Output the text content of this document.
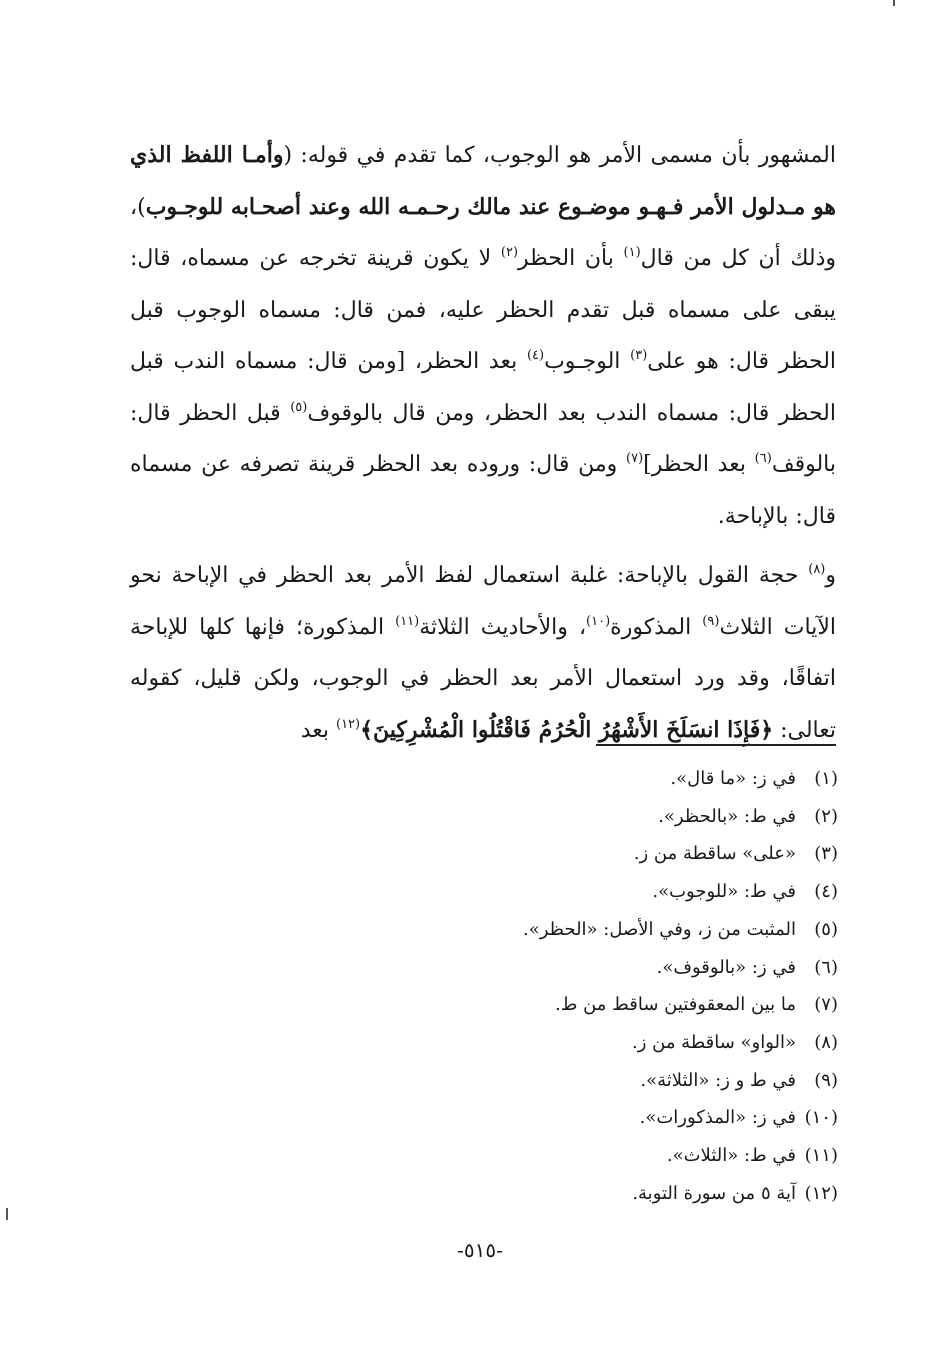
المشهور بأن مسمى الأمر هو الوجوب، كما تقدم في قوله: (وأمـا اللفظ الذي هو مـدلول الأمر فـهـو موضـوع عند مالك رحـمـه الله وعند أصحـابه للوجـوب)، وذلك أن كل من قال$^{(١)}$ بأن الحظر$^{(٢)}$ لا يكون قرينة تخرجه عن مسماه، قال: يبقى على مسماه قبل تقدم الحظر عليه، فمن قال: مسماه الوجوب قبل الحظر قال: هو على$^{(٣)}$ الوجـوب$^{(٤)}$ بعد الحظر، [ومن قال: مسماه الندب قبل الحظر قال: مسماه الندب بعد الحظر، ومن قال بالوقوف$^{(٥)}$ قبل الحظر قال: بالوقف$^{(٦)}$ بعد الحظر]$^{(٧)}$ ومن قال: وروده بعد الحظر قرينة تصرفه عن مسماه قال: بالإباحة.

و$^{(٨)}$ حجة القول بالإباحة: غلبة استعمال لفظ الأمر بعد الحظر في الإباحة نحو الآيات الثلاث$^{(٩)}$ المذكورة$^{(١٠)}$، والأحاديث الثلاثة$^{(١١)}$ المذكورة؛ فإنها كلها للإباحة اتفاقًا، وقد ورد استعمال الأمر بعد الحظر في الوجوب، ولكن قليل، كقوله تعالى: ﴿فَإِذَا انسَلَخَ الأَشْهُرُ الْحُرُمُ فَاقْتُلُوا الْمُشْرِكِينَ﴾$^{(١٢)}$ بعد

(١)في ز: «ما قال».
(٢)في ط: «بالحظر».
(٣)«على» ساقطة من ز.
(٤)في ط: «للوجوب».
(٥)المثبت من ز، وفي الأصل: «الحظر».
(٦)في ز: «بالوقوف».
(٧)ما بين المعقوفتين ساقط من ط.
(٨)«الواو» ساقطة من ز.
(٩)في ط و ز: «الثلاثة».
(١٠)في ز: «المذكورات».
(١١)في ط: «الثلاث».
(١٢)آية ٥ من سورة التوبة.
-٥١٥-
